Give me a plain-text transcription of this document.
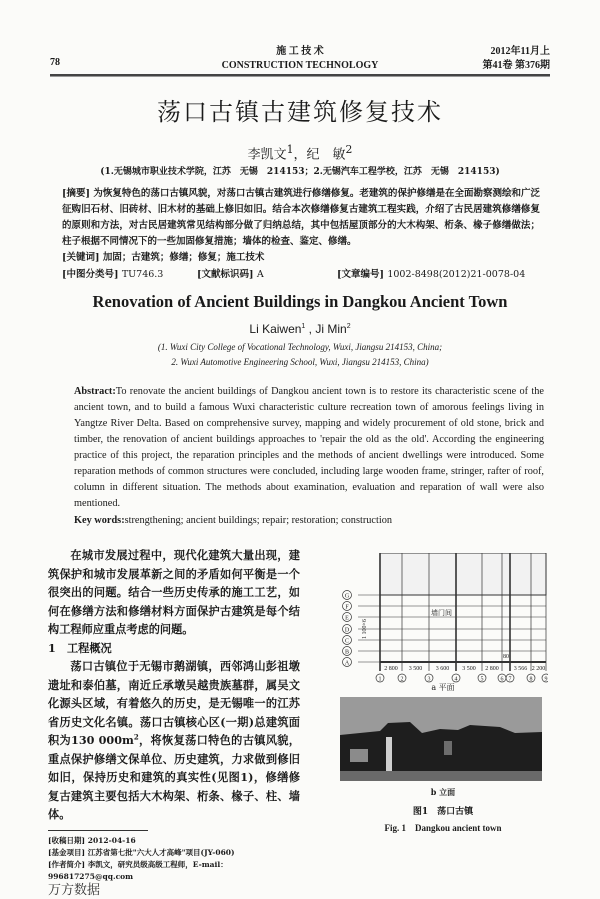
78
施 工 技 术
CONSTRUCTION TECHNOLOGY
2012年11月上
第41卷 第376期
荡口古镇古建筑修复技术
李凯文$^1$，纪　敏$^2$
(1.无锡城市职业技术学院，江苏　无锡　214153；2.无锡汽车工程学校，江苏　无锡　214153)
[摘要] 为恢复特色的荡口古镇风貌，对荡口古镇古建筑进行修缮修复。老建筑的保护修缮是在全面勘察测绘和广泛征购旧石材、旧砖材、旧木材的基础上修旧如旧。结合本次修缮修复古建筑工程实践，介绍了古民居建筑修缮修复的原则和方法，对古民居建筑常见结构部分做了归纳总结，其中包括屋顶部分的大木构架、桁条、椽子修缮做法；柱子根据不同情况下的一些加固修复措施；墙体的检查、鉴定、修缮。
[关键词] 加固；古建筑；修缮；修复；施工技术
[中图分类号] TU746.3	[文献标识码] A	[文章编号] 1002-8498(2012)21-0078-04
Renovation of Ancient Buildings in Dangkou Ancient Town
Li Kaiwen$^1$ , Ji Min$^2$
(1. Wuxi City College of Vocational Technology, Wuxi, Jiangsu 214153, China;
2. Wuxi Automotive Engineering School, Wuxi, Jiangsu 214153, China)
Abstract:To renovate the ancient buildings of Dangkou ancient town is to restore its characteristic scene of the ancient town, and to build a famous Wuxi characteristic culture recreation town of amorous feelings living in Yangtze River Delta. Based on comprehensive survey, mapping and widely procurement of old stone, brick and timber, the renovation of ancient buildings approaches to 'repair the old as the old'. According the engineering practice of this project, the reparation principles and the methods of ancient dwellings were introduced. Some reparation methods of common structures were concluded, including large wooden frame, stringer, rafter of roof, column in different situation. The methods about examination, evaluation and reparation of wall were also mentioned.
Key words:strengthening; ancient buildings; repair; restoration; construction

在城市发展过程中，现代化建筑大量出现，建筑保护和城市发展革新之间的矛盾如何平衡是一个很突出的问题。结合一些历史传承的施工工艺，如何在修缮方法和修缮材料方面保护古建筑是每个结构工程师应重点考虑的问题。

1　工程概况

荡口古镇位于无锡市鹅湖镇，西邻鸿山彭祖墩遗址和泰伯墓，南近丘承墩吴越贵族墓群，属吴文化源头区域，有着悠久的历史，是无锡唯一的江苏省历史文化名镇。荡口古镇核心区(一期)总建筑面积为130 $000m^2$，将恢复荡口特色的古镇风貌，重点保护修缮文保单位、历史建筑，力求做到修旧如旧，保持历史和建筑的真实性(见图1)，修缮修复古建筑主要包括大木构架、桁条、椽子、柱、墙体。

[收稿日期] 2012-04-16
[基金项目] 江苏省第七批"六大人才高峰"项目(JY-060)
[作者简介] 李凯文，研究员级高级工程师，E-mail：996817275@qq.com
万方数据
G
F
E
D
C
B
A
1	2	3	4	5	6 7	8 9
2 800 3 500 3 600 3 500 2 800
80
3 566 2 200
1 100×6
墙门间
a 平面
b 立面
图1　荡口古镇
Fig. 1　Dangkou ancient town
